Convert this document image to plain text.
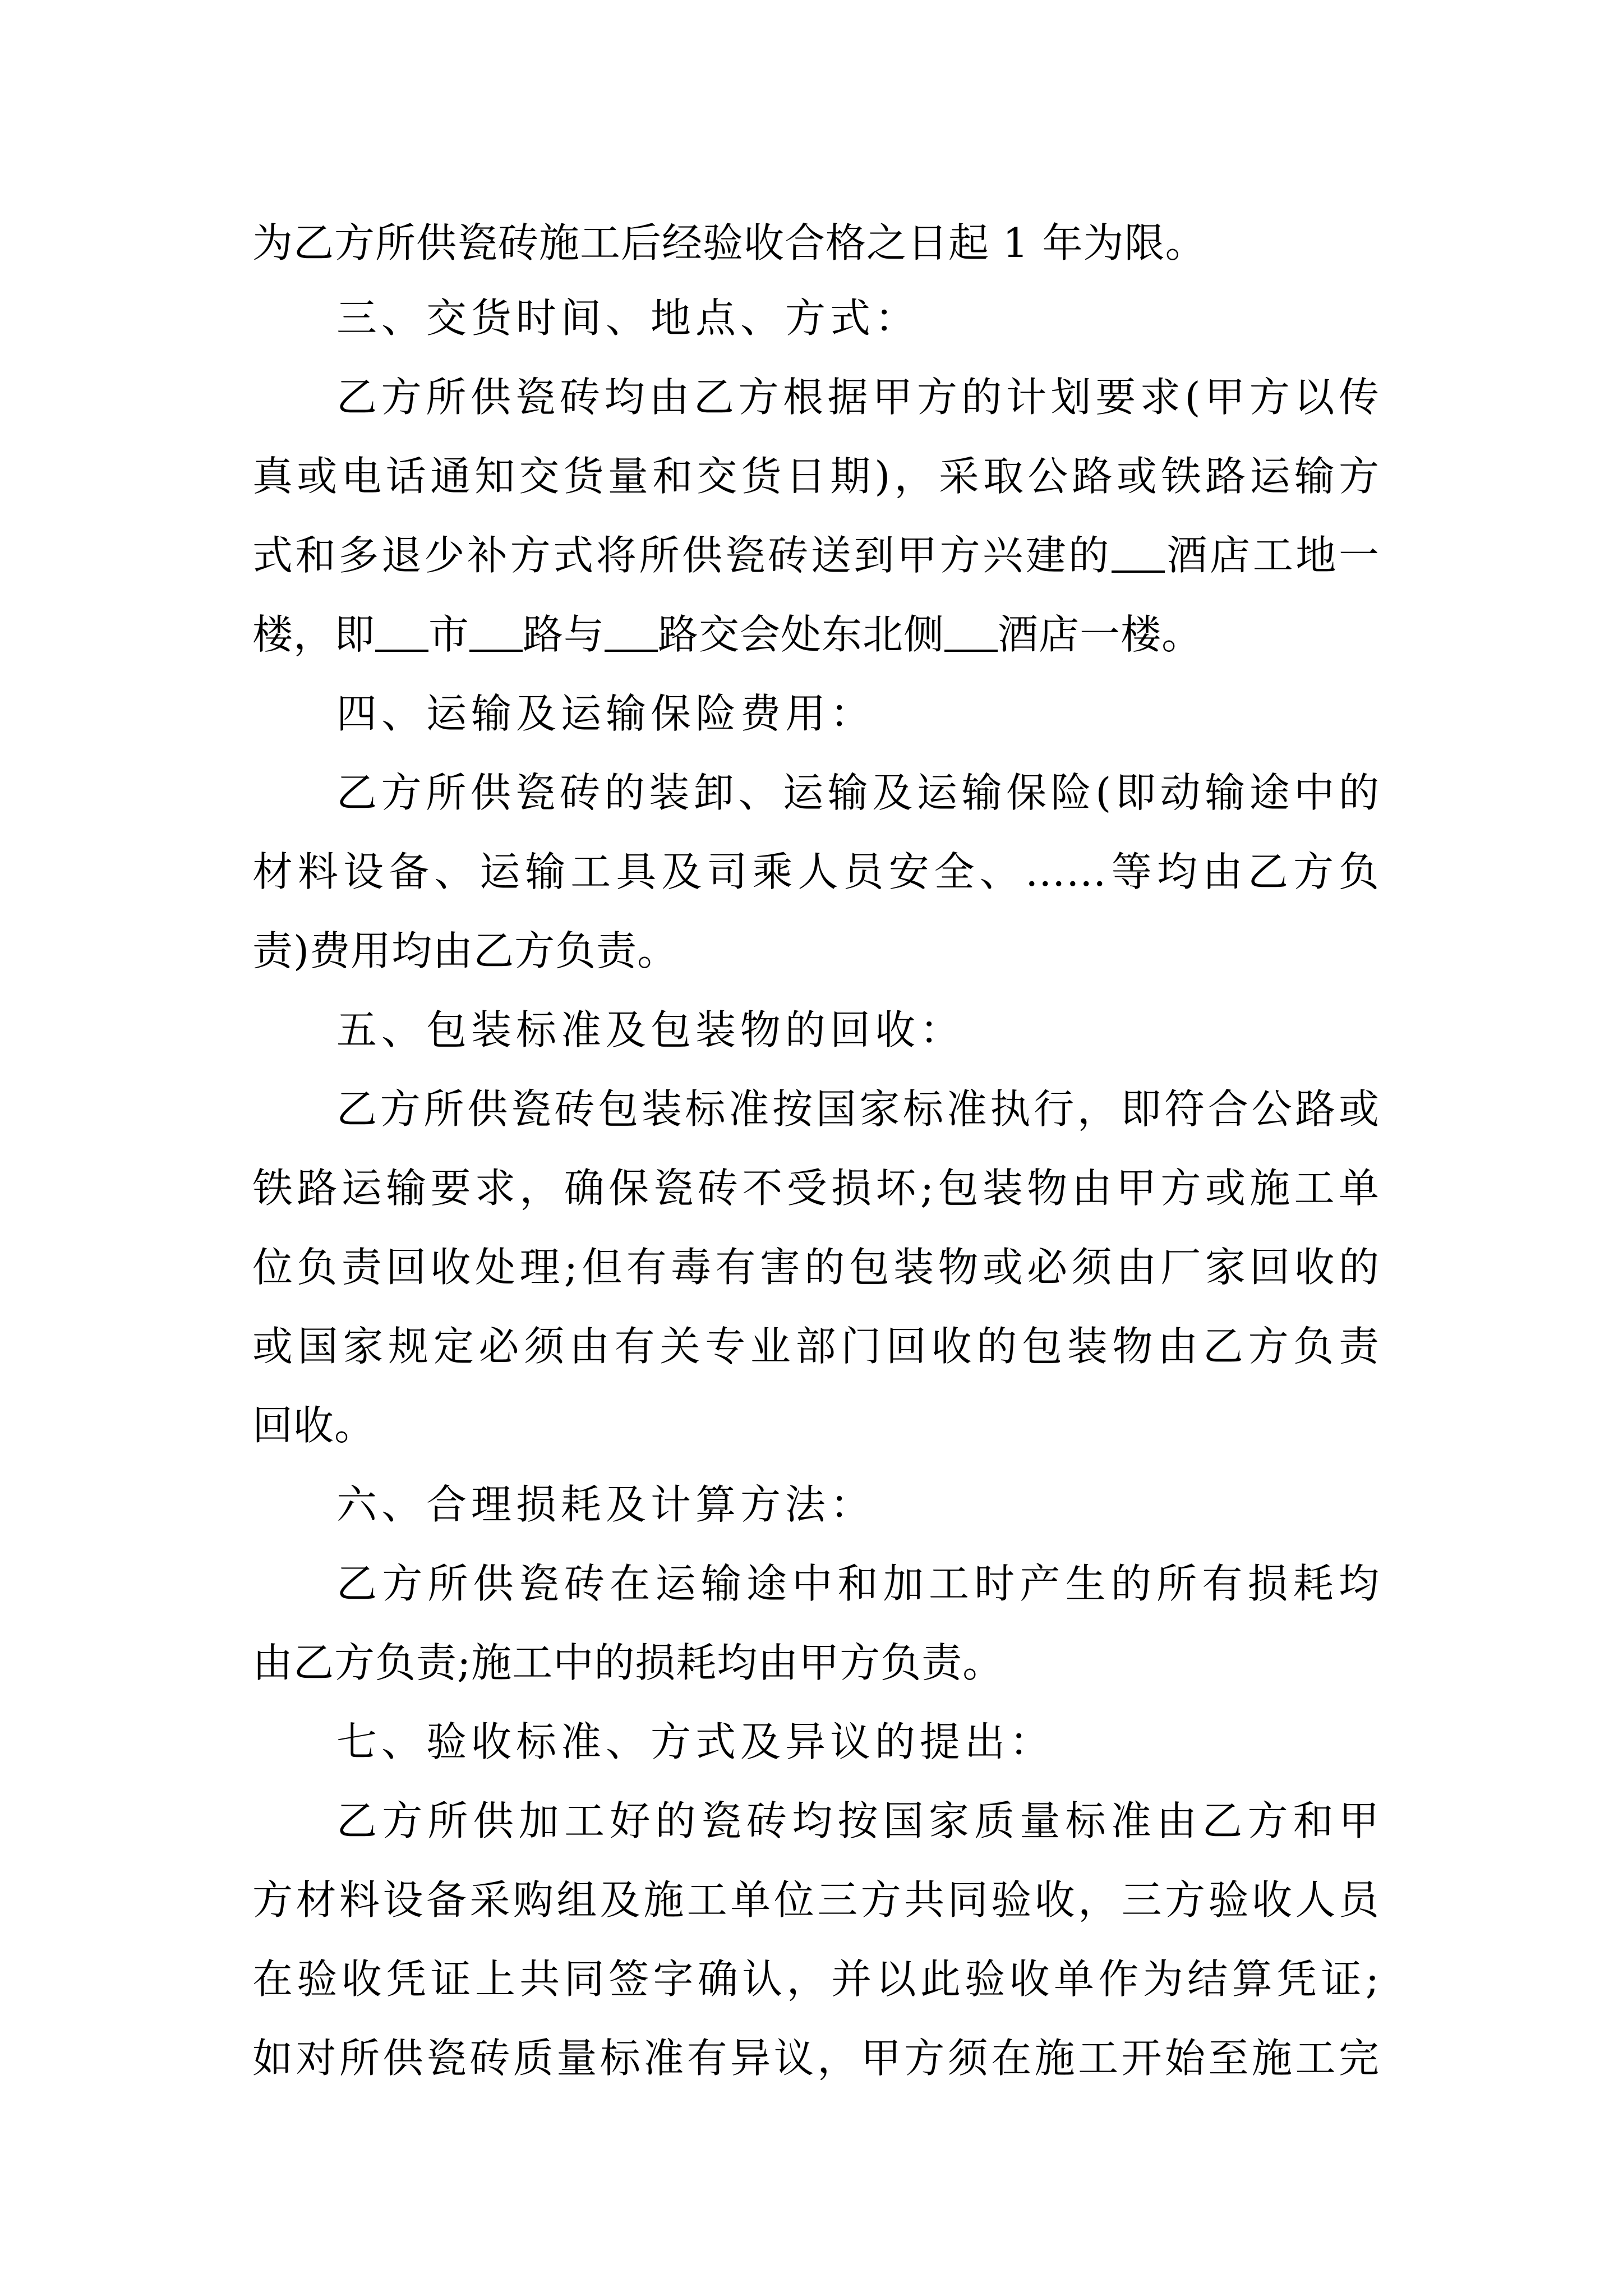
为乙方所供瓷砖施工后经验收合格之日起 1 年为限。
三、交货时间、地点、方式：
乙方所供瓷砖均由乙方根据甲方的计划要求(甲方以传
真或电话通知交货量和交货日期)，采取公路或铁路运输方
式和多退少补方式将所供瓷砖送到甲方兴建的 酒店工地一
楼，即 市 路与 路交会处东北侧 酒店一楼。
四、运输及运输保险费用：
乙方所供瓷砖的装卸、运输及运输保险(即动输途中的
材料设备、运输工具及司乘人员安全、……等均由乙方负
责)费用均由乙方负责。
五、包装标准及包装物的回收：
乙方所供瓷砖包装标准按国家标准执行，即符合公路或
铁路运输要求，确保瓷砖不受损坏;包装物由甲方或施工单
位负责回收处理;但有毒有害的包装物或必须由厂家回收的
或国家规定必须由有关专业部门回收的包装物由乙方负责
回收。
六、合理损耗及计算方法：
乙方所供瓷砖在运输途中和加工时产生的所有损耗均
由乙方负责;施工中的损耗均由甲方负责。
七、验收标准、方式及异议的提出：
乙方所供加工好的瓷砖均按国家质量标准由乙方和甲
方材料设备采购组及施工单位三方共同验收，三方验收人员
在验收凭证上共同签字确认，并以此验收单作为结算凭证;
如对所供瓷砖质量标准有异议，甲方须在施工开始至施工完
